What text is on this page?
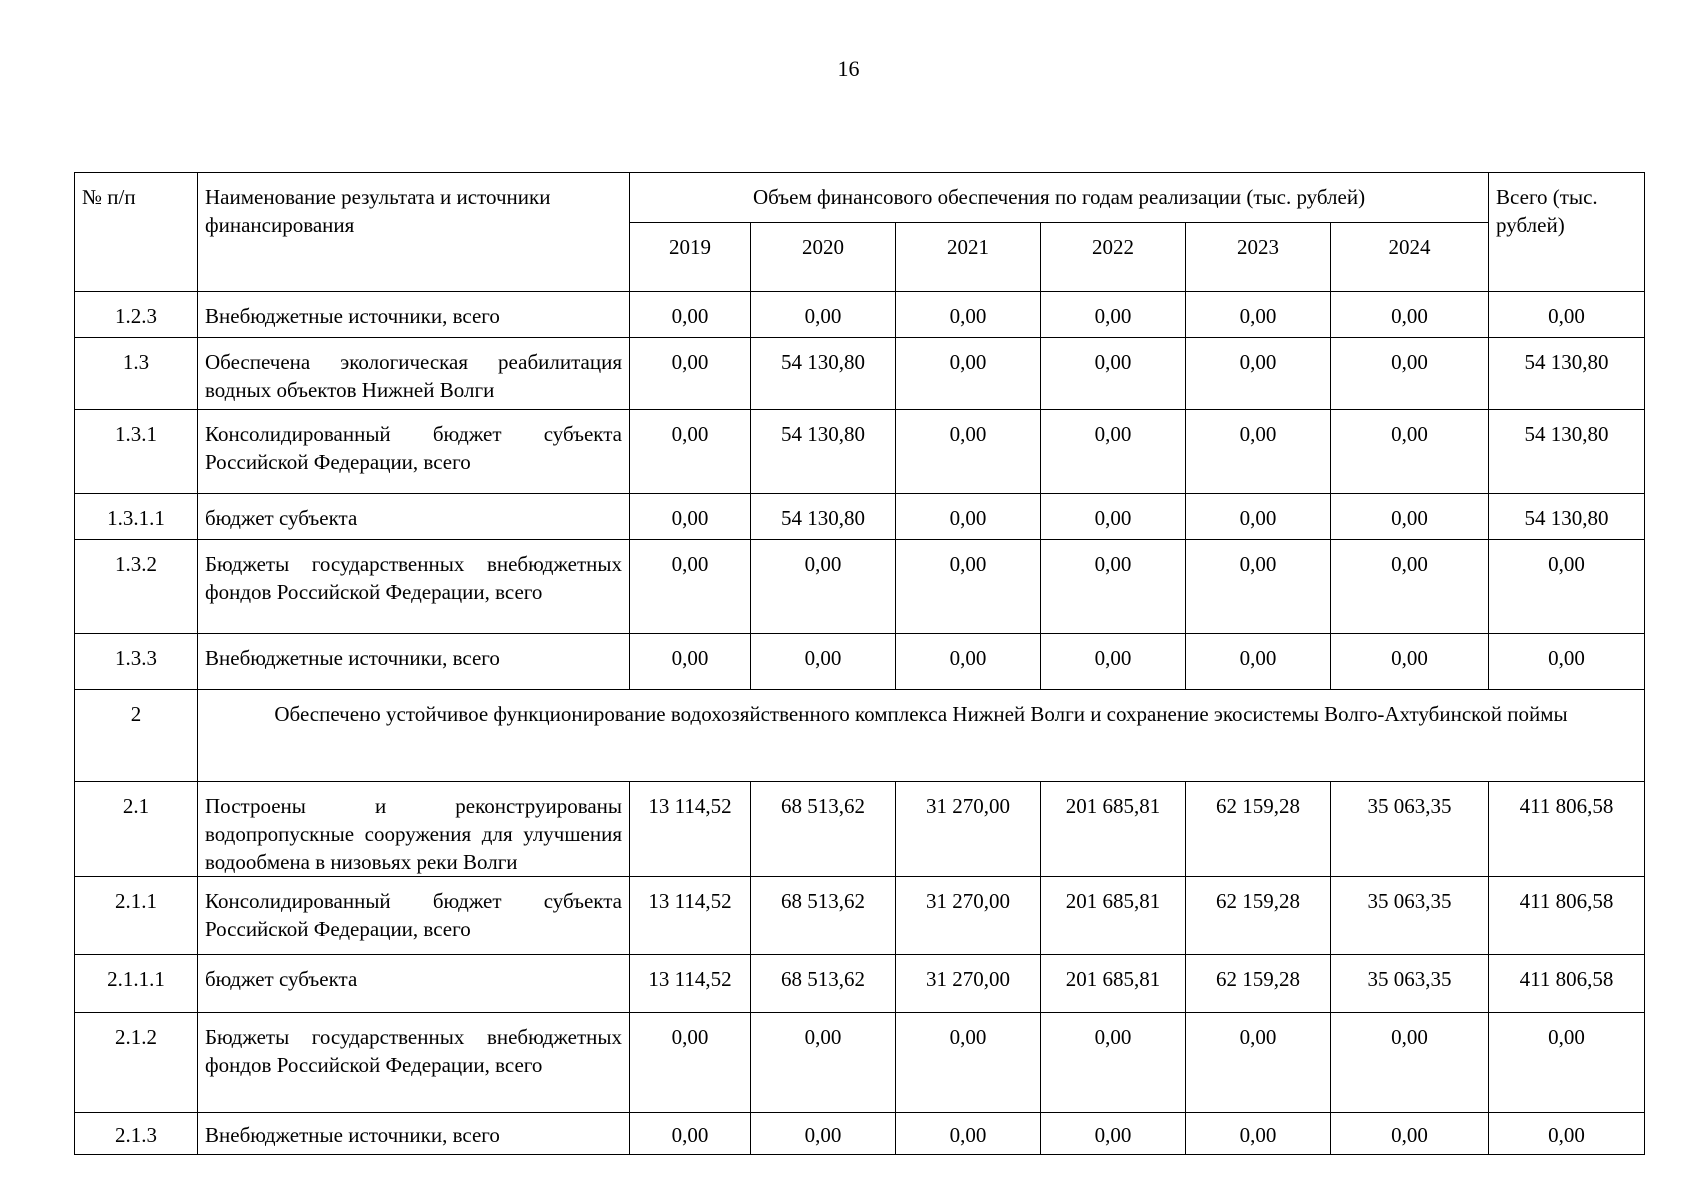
16
№ п/п	Наименование результата и источники финансирования	Объем финансового обеспечения по годам реализации (тыс. рублей)						Всего (тыс. рублей)
		2019	2020	2021	2022	2023	2024	
1.2.3	Внебюджетные источники, всего	0,00	0,00	0,00	0,00	0,00	0,00	0,00
1.3	Обеспечена экологическая реабилитация водных объектов Нижней Волги	0,00	54 130,80	0,00	0,00	0,00	0,00	54 130,80
1.3.1	Консолидированный бюджет субъекта Российской Федерации, всего	0,00	54 130,80	0,00	0,00	0,00	0,00	54 130,80
1.3.1.1	бюджет субъекта	0,00	54 130,80	0,00	0,00	0,00	0,00	54 130,80
1.3.2	Бюджеты государственных внебюджетных фондов Российской Федерации, всего	0,00	0,00	0,00	0,00	0,00	0,00	0,00
1.3.3	Внебюджетные источники, всего	0,00	0,00	0,00	0,00	0,00	0,00	0,00
2	Обеспечено устойчивое функционирование водохозяйственного комплекса Нижней Волги и сохранение экосистемы Волго-Ахтубинской поймы							
2.1	Построены и реконструированы водопропускные сооружения для улучшения водообмена в низовьях реки Волги	13 114,52	68 513,62	31 270,00	201 685,81	62 159,28	35 063,35	411 806,58
2.1.1	Консолидированный бюджет субъекта Российской Федерации, всего	13 114,52	68 513,62	31 270,00	201 685,81	62 159,28	35 063,35	411 806,58
2.1.1.1	бюджет субъекта	13 114,52	68 513,62	31 270,00	201 685,81	62 159,28	35 063,35	411 806,58
2.1.2	Бюджеты государственных внебюджетных фондов Российской Федерации, всего	0,00	0,00	0,00	0,00	0,00	0,00	0,00
2.1.3	Внебюджетные источники, всего	0,00	0,00	0,00	0,00	0,00	0,00	0,00
